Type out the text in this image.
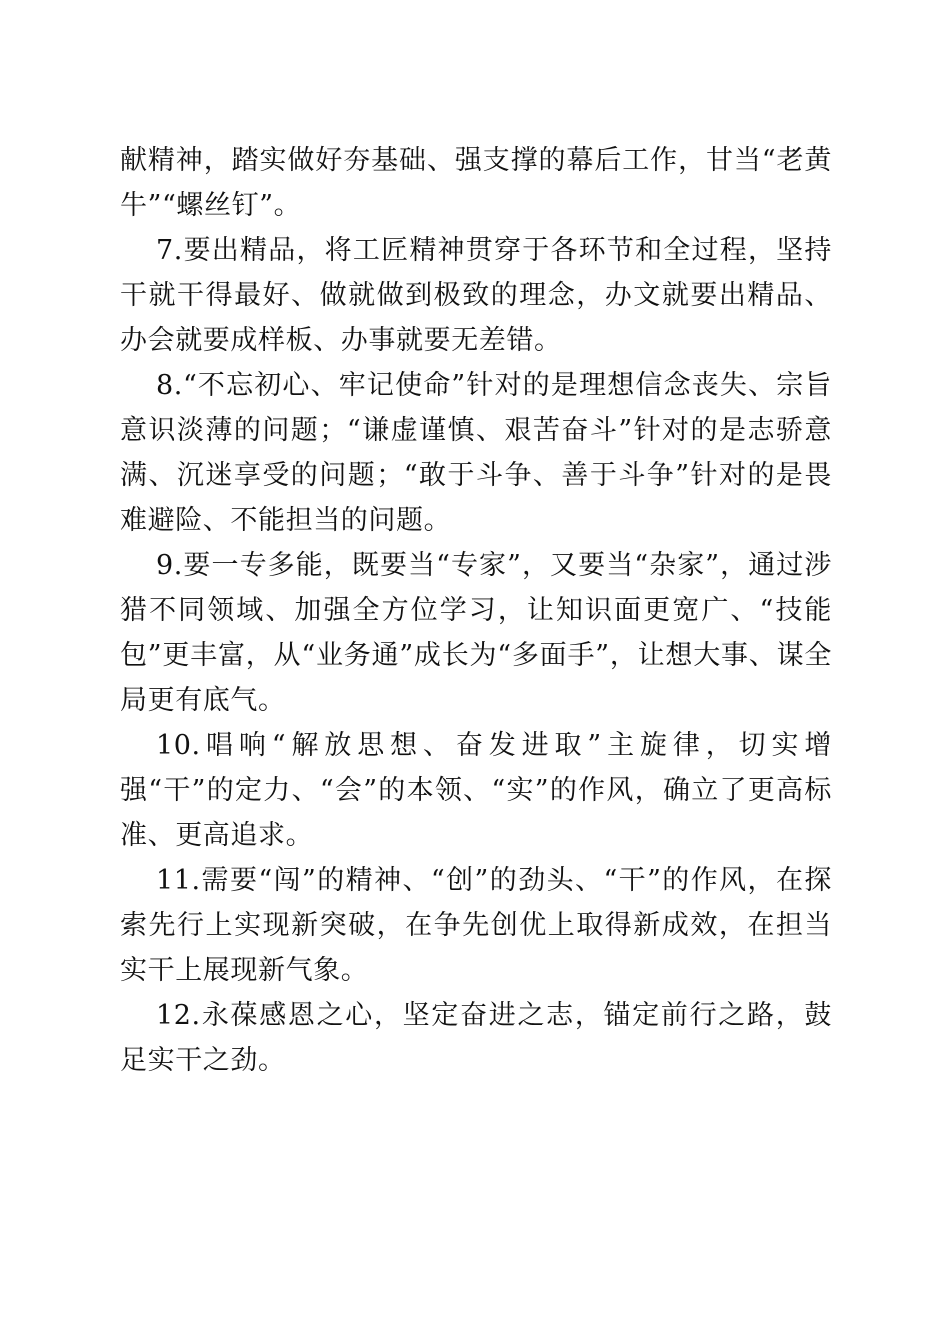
献精神，踏实做好夯基础、强支撑的幕后工作，甘当“老黄牛”“螺丝钉”。

7.要出精品，将工匠精神贯穿于各环节和全过程，坚持干就干得最好、做就做到极致的理念，办文就要出精品、办会就要成样板、办事就要无差错。

8.“不忘初心、牢记使命”针对的是理想信念丧失、宗旨意识淡薄的问题；“谦虚谨慎、艰苦奋斗”针对的是志骄意满、沉迷享受的问题；“敢于斗争、善于斗争”针对的是畏难避险、不能担当的问题。

9.要一专多能，既要当“专家”，又要当“杂家”，通过涉猎不同领域、加强全方位学习，让知识面更宽广、“技能包”更丰富，从“业务通”成长为“多面手”，让想大事、谋全局更有底气。

10.唱响“解放思想、奋发进取”主旋律，切实增强“干”的定力、“会”的本领、“实”的作风，确立了更高标准、更高追求。

11.需要“闯”的精神、“创”的劲头、“干”的作风，在探索先行上实现新突破，在争先创优上取得新成效，在担当实干上展现新气象。

12.永葆感恩之心，坚定奋进之志，锚定前行之路，鼓足实干之劲。
